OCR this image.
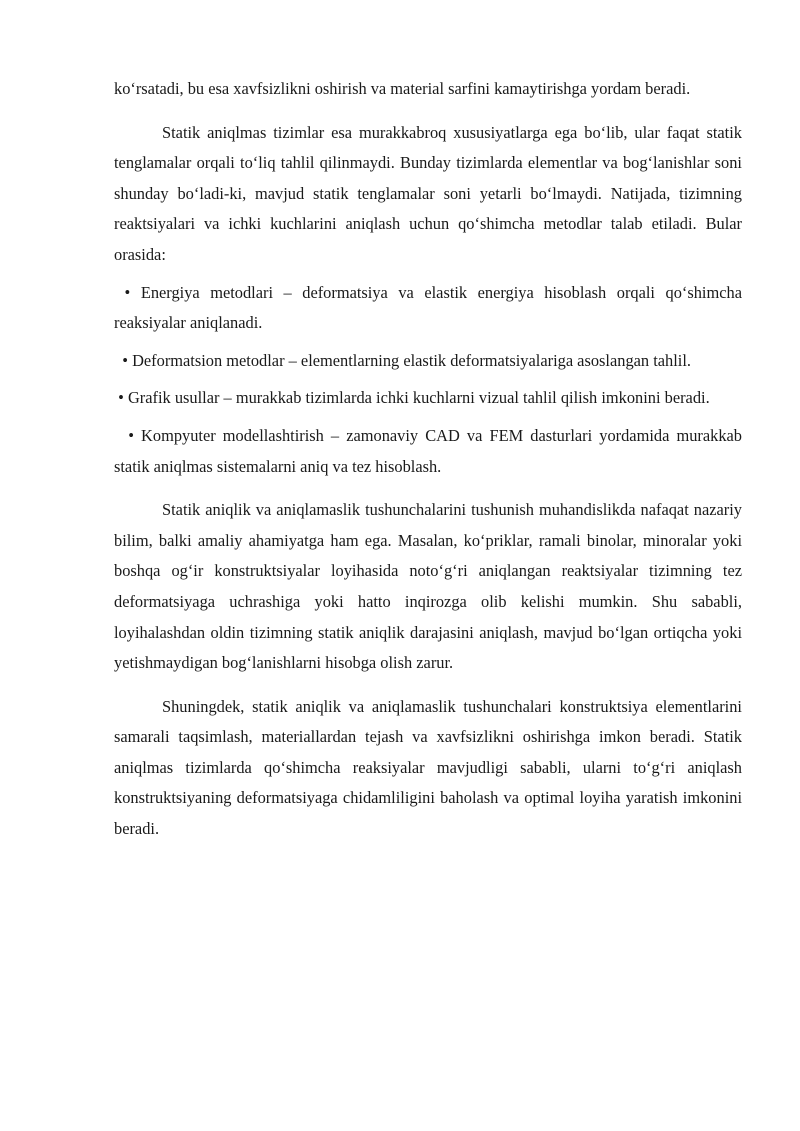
ko‘rsatadi, bu esa xavfsizlikni oshirish va material sarfini kamaytirishga yordam beradi.

Statik aniqlmas tizimlar esa murakkabroq xususiyatlarga ega bo‘lib, ular faqat statik tenglamalar orqali to‘liq tahlil qilinmaydi. Bunday tizimlarda elementlar va bog‘lanishlar soni shunday bo‘ladi-ki, mavjud statik tenglamalar soni yetarli bo‘lmaydi. Natijada, tizimning reaktsiyalari va ichki kuchlarini aniqlash uchun qo‘shimcha metodlar talab etiladi. Bular orasida:

• Energiya metodlari – deformatsiya va elastik energiya hisoblash orqali qo‘shimcha reaksiyalar aniqlanadi.

• Deformatsion metodlar – elementlarning elastik deformatsiyalariga asoslangan tahlil.

• Grafik usullar – murakkab tizimlarda ichki kuchlarni vizual tahlil qilish imkonini beradi.

• Kompyuter modellashtirish – zamonaviy CAD va FEM dasturlari yordamida murakkab statik aniqlmas sistemalarni aniq va tez hisoblash.

Statik aniqlik va aniqlamaslik tushunchalarini tushunish muhandislikda nafaqat nazariy bilim, balki amaliy ahamiyatga ham ega. Masalan, ko‘priklar, ramali binolar, minoralar yoki boshqa og‘ir konstruktsiyalar loyihasida noto‘g‘ri aniqlangan reaktsiyalar tizimning tez deformatsiyaga uchrashiga yoki hatto inqirozga olib kelishi mumkin. Shu sababli, loyihalashdan oldin tizimning statik aniqlik darajasini aniqlash, mavjud bo‘lgan ortiqcha yoki yetishmaydigan bog‘lanishlarni hisobga olish zarur.

Shuningdek, statik aniqlik va aniqlamaslik tushunchalari konstruktsiya elementlarini samarali taqsimlash, materiallardan tejash va xavfsizlikni oshirishga imkon beradi. Statik aniqlmas tizimlarda qo‘shimcha reaksiyalar mavjudligi sababli, ularni to‘g‘ri aniqlash konstruktsiyaning deformatsiyaga chidamliligini baholash va optimal loyiha yaratish imkonini beradi.
